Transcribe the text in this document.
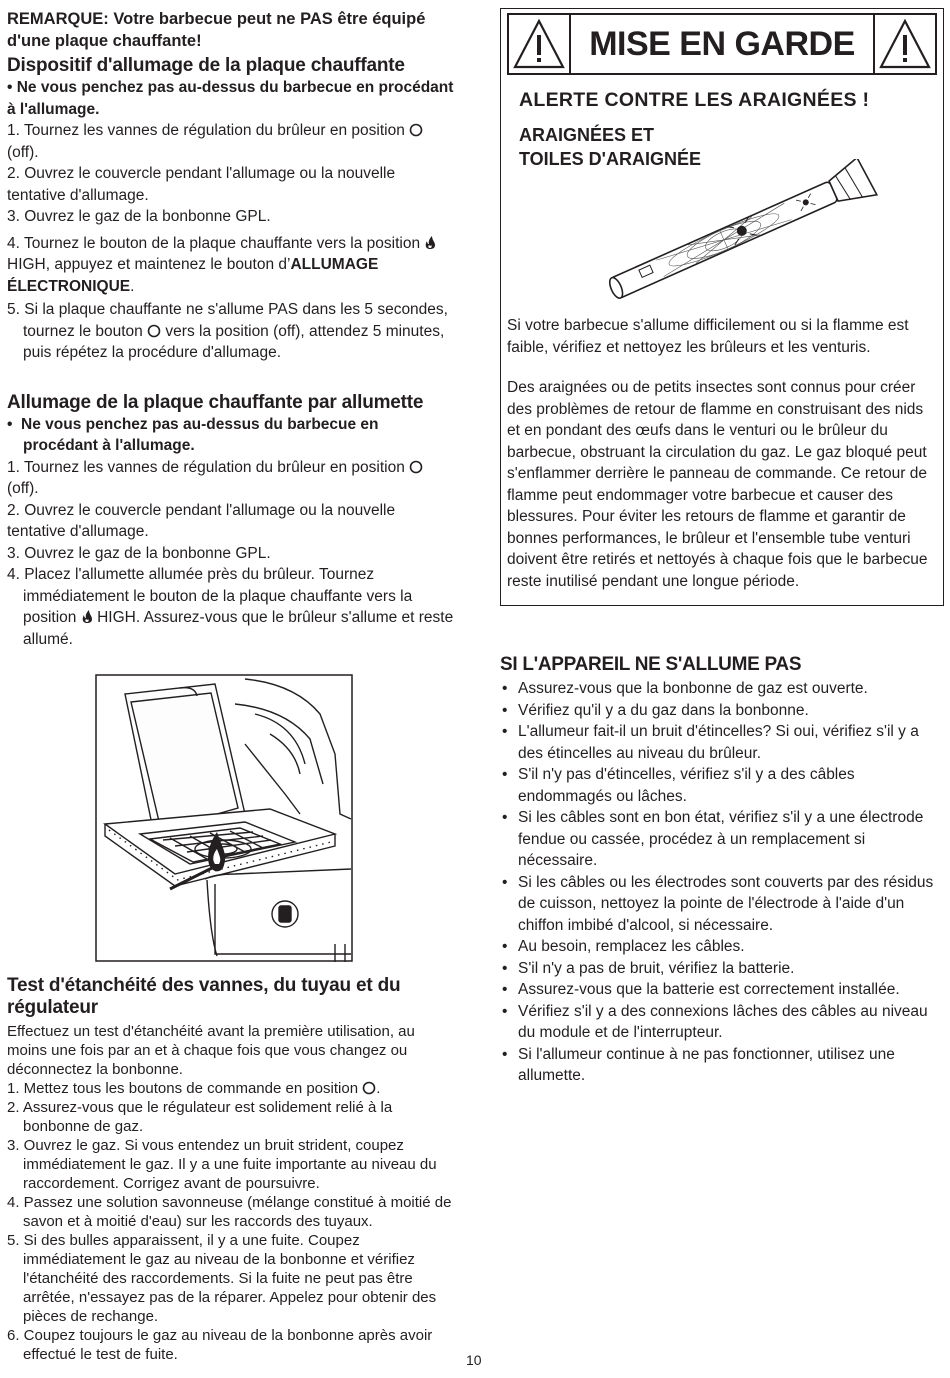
REMARQUE: Votre barbecue peut ne PAS être équipé d'une plaque chauffante!

Dispositif d'allumage de la plaque chauffante

• Ne vous penchez pas au-dessus du barbecue en procédant à l'allumage.

1. Tournez les vannes de régulation du brûleur en position  (off).

2. Ouvrez le couvercle pendant l'allumage ou la nouvelle tentative d'allumage.

3. Ouvrez le gaz de la bonbonne GPL.

4. Tournez le bouton de la plaque chauffante vers la position  HIGH, appuyez et maintenez le bouton d’ALLUMAGE ÉLECTRONIQUE.

5. Si la plaque chauffante ne s'allume PAS dans les 5 secondes, tournez le bouton vers la position (off), attendez 5 minutes, puis répétez la procédure d'allumage.

Allumage de la plaque chauffante par allumette

•  Ne vous penchez pas au-dessus du barbecue en procédant à l'allumage.

1. Tournez les vannes de régulation du brûleur en position  (off).

2. Ouvrez le couvercle pendant l'allumage ou la nouvelle tentative d'allumage.

3. Ouvrez le gaz de la bonbonne GPL.

4. Placez l'allumette allumée près du brûleur. Tournez immédiatement le bouton de la plaque chauffante vers la position HIGH. Assurez-vous que le brûleur s'allume et reste allumé.

Test d'étanchéité des vannes, du tuyau et du régulateur

Effectuez un test d'étanchéité avant la première utilisation, au moins une fois par an et à chaque fois que vous changez ou déconnectez la bonbonne.

1. Mettez tous les boutons de commande en position .

2. Assurez-vous que le régulateur est solidement relié à la bonbonne de gaz.

3. Ouvrez le gaz. Si vous entendez un bruit strident, coupez immédiatement le gaz. Il y a une fuite importante au niveau du raccordement. Corrigez avant de poursuivre.

4. Passez une solution savonneuse (mélange constitué à moitié de savon et à moitié d'eau) sur les raccords des tuyaux.

5. Si des bulles apparaissent, il y a une fuite. Coupez immédiatement le gaz au niveau de la bonbonne et vérifiez l'étanchéité des raccordements. Si la fuite ne peut pas être arrêtée, n'essayez pas de la réparer. Appelez pour obtenir des pièces de rechange.

6. Coupez toujours le gaz au niveau de la bonbonne après avoir effectué le test de fuite.

MISE EN GARDE
ALERTE CONTRE LES ARAIGNÉES !
ARAIGNÉES ET
TOILES D'ARAIGNÉE

Si votre barbecue s'allume difficilement ou si la flamme est faible, vérifiez et nettoyez les brûleurs et les venturis.

Des araignées ou de petits insectes sont connus pour créer des problèmes de retour de flamme en construisant des nids et en pondant des œufs dans le venturi ou le brûleur du barbecue, obstruant la circulation du gaz. Le gaz bloqué peut s'enflammer derrière le panneau de commande. Ce retour de flamme peut endommager votre barbecue et causer des blessures. Pour éviter les retours de flamme et garantir de bonnes performances, le brûleur et l'ensemble tube venturi doivent être retirés et nettoyés à chaque fois que le barbecue reste inutilisé pendant une longue période.

SI L'APPAREIL NE S'ALLUME PAS

• Assurez-vous que la bonbonne de gaz est ouverte.
• Vérifiez qu'il y a du gaz dans la bonbonne.
• L'allumeur fait-il un bruit d'étincelles? Si oui, vérifiez s'il y a des étincelles au niveau du brûleur.
• S'il n'y pas d'étincelles, vérifiez s'il y a des câbles endommagés ou lâches.
• Si les câbles sont en bon état, vérifiez s'il y a une électrode fendue ou cassée, procédez à un remplacement si nécessaire.
• Si les câbles ou les électrodes sont couverts par des résidus de cuisson, nettoyez la pointe de l'électrode à l'aide d'un chiffon imbibé d'alcool, si nécessaire.
• Au besoin, remplacez les câbles.
• S'il n'y a pas de bruit, vérifiez la batterie.
• Assurez-vous que la batterie est correctement installée.
• Vérifiez s'il y a des connexions lâches des câbles au niveau du module et de l'interrupteur.
• Si l'allumeur continue à ne pas fonctionner, utilisez une allumette.
10
